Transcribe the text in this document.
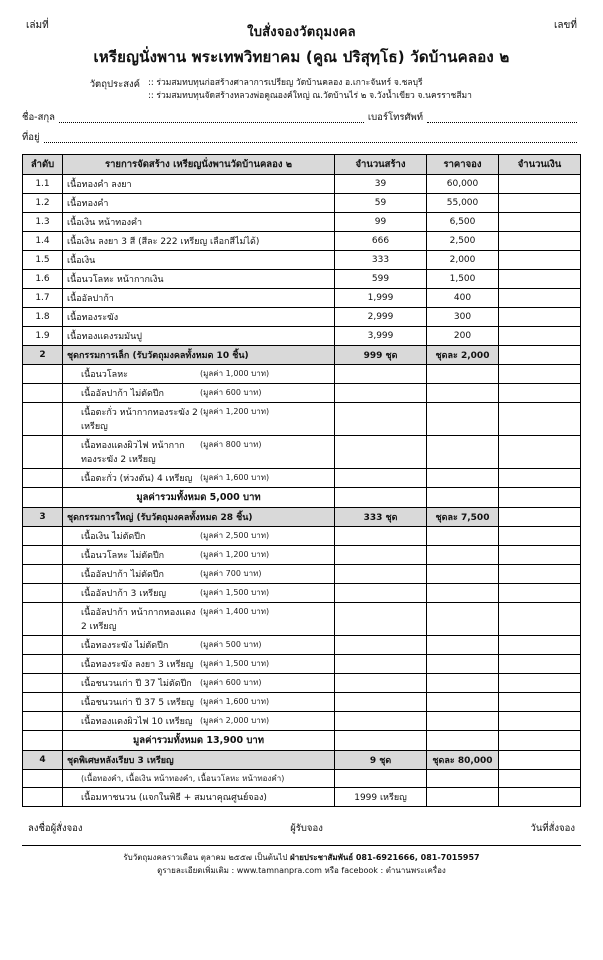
เล่มที่	เลขที่
ใบสั่งจองวัตถุมงคล
เหรียญนั่งพาน พระเทพวิทยาคม (คูณ ปริสุทฺโธ) วัดบ้านคลอง ๒
วัตถุประสงค์ :: ร่วมสมทบทุนก่อสร้างศาลาการเปรียญ วัดบ้านคลอง อ.เกาะจันทร์ จ.ชลบุรี
:: ร่วมสมทบทุนจัดสร้างหลวงพ่อคูณองค์ใหญ่ ณ.วัดบ้านไร่ ๒ จ.วังน้ำเขียว จ.นครราชสีมา
ชื่อ-สกุล	เบอร์โทรศัพท์
ที่อยู่
ลำดับ	รายการจัดสร้าง เหรียญนั่งพานวัดบ้านคลอง ๒	จำนวนสร้าง	ราคาจอง	จำนวนเงิน
1.1	เนื้อทองคำ ลงยา	39	60,000	
1.2	เนื้อทองคำ	59	55,000	
1.3	เนื้อเงิน หน้าทองคำ	99	6,500	
1.4	เนื้อเงิน ลงยา 3 สี (สีละ 222 เหรียญ เลือกสีไม่ได้)	666	2,500	
1.5	เนื้อเงิน	333	2,000	
1.6	เนื้อนวโลหะ หน้ากากเงิน	599	1,500	
1.7	เนื้ออัลปาก้า	1,999	400	
1.8	เนื้อทองระฆัง	2,999	300	
1.9	เนื้อทองแดงรมมันปู	3,999	200	
2	ชุดกรรมการเล็ก (รับวัตถุมงคลทั้งหมด 10 ชิ้น)	999 ชุด	ชุดละ 2,000	

	เนื้อนวโลหะ (มูลค่า 1,000 บาท)			

	เนื้ออัลปาก้า ไม่ตัดปีก (มูลค่า 600 บาท)			

	เนื้อตะกั่ว หน้ากากทองระฆัง 2 เหรียญ
(มูลค่า 1,200 บาท)			

	เนื้อทองแดงผิวไฟ หน้ากากทองระฆัง 2 เหรียญ
(มูลค่า 800 บาท)			

	เนื้อตะกั่ว (ห่วงตัน) 4 เหรียญ (มูลค่า 1,600 บาท)			

	มูลค่ารวมทั้งหมด 5,000 บาท			
3	ชุดกรรมการใหญ่ (รับวัตถุมงคลทั้งหมด 28 ชิ้น)	333 ชุด	ชุดละ 7,500	

	เนื้อเงิน ไม่ตัดปีก (มูลค่า 2,500 บาท)			

	เนื้อนวโลหะ ไม่ตัดปีก (มูลค่า 1,200 บาท)			

	เนื้ออัลปาก้า ไม่ตัดปีก (มูลค่า 700 บาท)			

	เนื้ออัลปาก้า 3 เหรียญ (มูลค่า 1,500 บาท)			

	เนื้ออัลปาก้า หน้ากากทองแดง 2 เหรียญ
(มูลค่า 1,400 บาท)			

	เนื้อทองระฆัง ไม่ตัดปีก (มูลค่า 500 บาท)			

	เนื้อทองระฆัง ลงยา 3 เหรียญ (มูลค่า 1,500 บาท)			

	เนื้อชนวนเก่า ปี 37 ไม่ตัดปีก (มูลค่า 600 บาท)			

	เนื้อชนวนเก่า ปี 37 5 เหรียญ (มูลค่า 1,600 บาท)			

	เนื้อทองแดงผิวไฟ 10 เหรียญ (มูลค่า 2,000 บาท)			

	มูลค่ารวมทั้งหมด 13,900 บาท			
4	ชุดพิเศษหลังเรียบ 3 เหรียญ	9 ชุด	ชุดละ 80,000	
	(เนื้อทองคำ, เนื้อเงิน หน้าทองคำ, เนื้อนวโลหะ หน้าทองคำ)			
	เนื้อมหาชนวน (แจกในพิธี + สมนาคุณศูนย์จอง)	1999 เหรียญ		
ลงชื่อผู้สั่งจอง	ผู้รับจอง	วันที่สั่งจอง
รับวัตถุมงคลราวเดือน ตุลาคม ๒๕๕๗ เป็นต้นไป ฝ่ายประชาสัมพันธ์ 081-6921666, 081-7015957
ดูรายละเอียดเพิ่มเติม : www.tamnanpra.com หรือ facebook : ตำนานพระเครื่อง
